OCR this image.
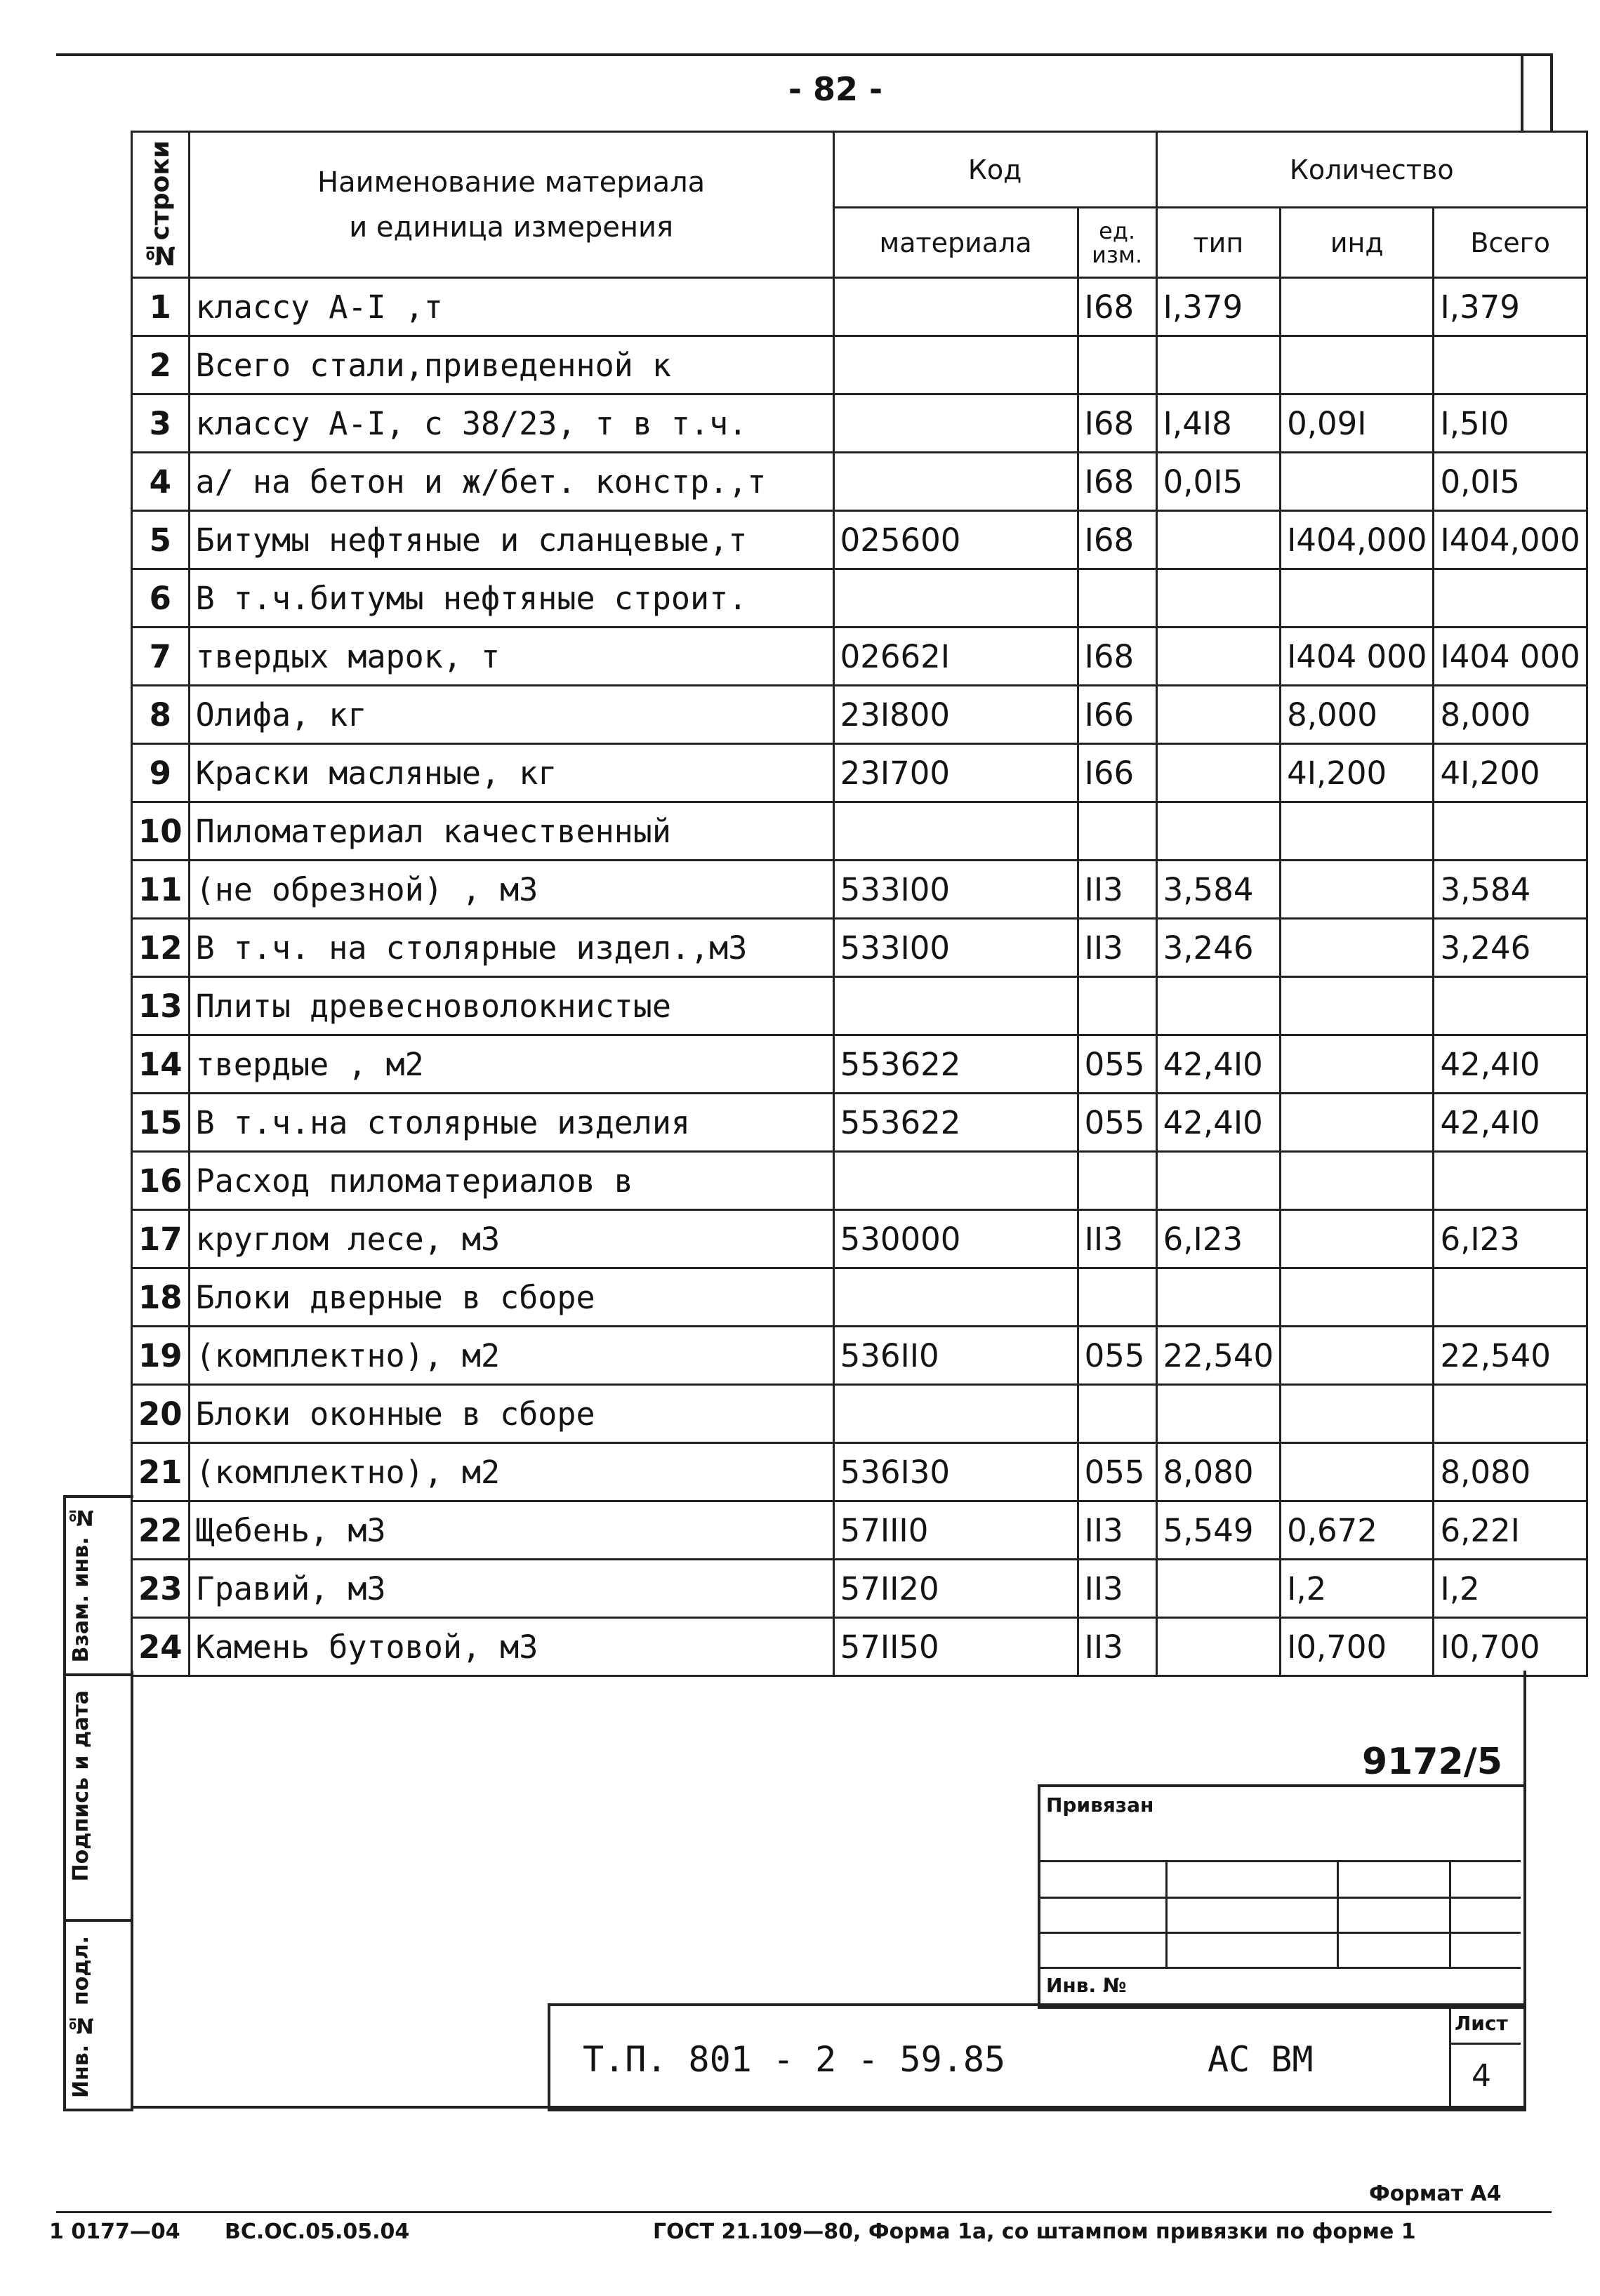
- 82 -
№строки	Наименование материала
и единица измерения	Код		Количество		
		материала	ед. изм.	тип	инд	Всего
1	классу А-I ,т		I68	I,379		I,379
2	Всего стали,приведенной к					
3	классу А-I, с 38/23, т в т.ч.		I68	I,4I8	0,09I	I,5I0
4	а/ на бетон и ж/бет. констр.,т		I68	0,0I5		0,0I5
5	Битумы нефтяные и сланцевые,т	025600	I68		I404,000	I404,000
6	В т.ч.битумы нефтяные строит.					
7	твердых марок, т	02662I	I68		I404 000	I404 000
8	Олифа, кг	23I800	I66		8,000	8,000
9	Краски масляные, кг	23I700	I66		4I,200	4I,200
10	Пиломатериал качественный					
11	(не обрезной) , м3	533I00	II3	3,584		3,584
12	В т.ч. на столярные издел.,м3	533I00	II3	3,246		3,246
13	Плиты древесноволокнистые					
14	твердые , м2	553622	055	42,4I0		42,4I0
15	В т.ч.на столярные изделия	553622	055	42,4I0		42,4I0
16	Расход пиломатериалов в					
17	круглом лесе, м3	530000	II3	6,I23		6,I23
18	Блоки дверные в сборе					
19	(комплектно), м2	536II0	055	22,540		22,540
20	Блоки оконные в сборе					
21	(комплектно), м2	536I30	055	8,080		8,080
22	Щебень, м3	57III0	II3	5,549	0,672	6,22I
23	Гравий, м3	57II20	II3		I,2	I,2
24	Камень бутовой, м3	57II50	II3		I0,700	I0,700
Взам. инв. №
Подпись и дата
Инв. № подл.
9172/5
Привязан
Инв. №
Т.П. 801 - 2 - 59.85	АС ВМ
Лист
4
Формат А4
1 0177—04 ВС.ОС.05.05.04	ГОСТ 21.109—80, Форма 1а, со штампом привязки по форме 1
